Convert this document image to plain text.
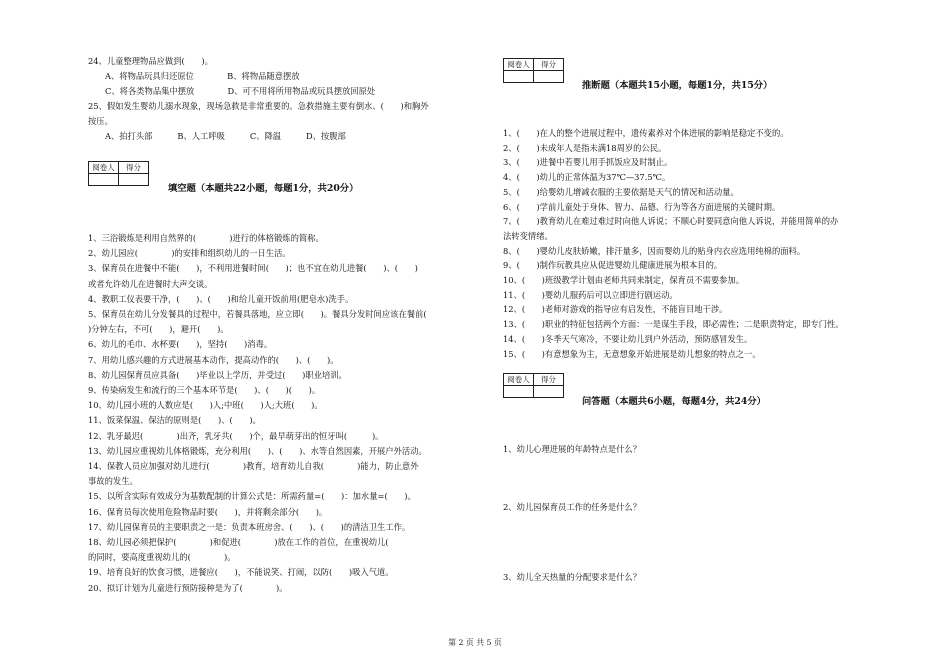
24、儿童整理物品应做到(　　)。
A、将物品玩具归还原位　　　　B、将物品随意摆放
C、将各类物品集中摆放　　　　D、可不用将所用物品或玩具摆放回原处
25、假如发生婴幼儿溺水现象，现场急救是非常重要的。急救措施主要有倒水、(　　)和胸外
按压。
A、拍打头部　　　B、人工呼吸　　　C、降温　　　D、按腹部
阅卷人	得分
填空题（本题共22小题，每题1分，共20分）
1、三浴锻炼是利用自然界的(　　　　)进行的体格锻炼的简称。
2、幼儿园应(　　　　)的安排和组织幼儿的一日生活。
3、保育员在进餐中不能(　　)，不利用进餐时间(　　)；也不宜在幼儿进餐(　　)、(　　)
或者允许幼儿在进餐时大声交谈。
4、教职工仪表要干净，(　　)、(　　)和给儿童开饭前用(肥皂水)洗手。
5、保育员在幼儿分发餐具的过程中，若餐具落地，应立即(　　)。餐具分发时间应该在餐前(　　
)分钟左右，不可(　　)，避开(　　)。
6、幼儿的毛巾、水杯要(　　)，坚持(　　)消毒。
7、用幼儿感兴趣的方式进展基本动作，提高动作的(　　)、(　　)。
8、幼儿园保育员应具备(　　)毕业以上学历，并受过(　　)职业培训。
9、传染病发生和流行的三个基本环节是(　　)、(　　)(　　)。
10、幼儿园小班的人数应是(　　)人;中班(　　)人;大班(　　)。
11、饭菜保温、保洁的原则是(　　)、(　　)。
12、乳牙最迟(　　　　)出齐，乳牙共(　　)个，最早萌芽出的恒牙叫(　　　)。
13、幼儿园应重视幼儿体格锻炼，充分利用(　　)、(　　)、水等自然因素，开展户外活动。
14、保教人员应加强对幼儿进行(　　　　)教育，培育幼儿自我(　　　　)能力，防止意外
事故的发生。
15、以所含实际有效成分为基数配制的计算公式是：所需药量=(　　)：加水量=(　　)。
16、保育员每次使用危险物品时要(　　)，并将剩余部分(　　)。
17、幼儿园保育员的主要职责之一是：负责本班房舍、(　　)、(　　)的清洁卫生工作。
18、幼儿园必须把保护(　　　　)和促进(　　　　)放在工作的首位，在重视幼儿(　　
的同时，要高度重视幼儿的(　　　　)。
19、培育良好的饮食习惯，进餐应(　　)，不能说笑、打闹，以防(　　)吸入气道。
20、拟订计划为儿童进行预防接种是为了(　　　　)。
阅卷人	得分
推断题（本题共15小题，每题1分，共15分）
1、(　　)在人的整个进展过程中，遗传素养对个体进展的影响是稳定不变的。
2、(　　)未成年人是指未满18周岁的公民。
3、(　　)进餐中若婴儿用手抓饭应及时制止。
4、(　　)幼儿的正常体温为37℃—37.5℃。
5、(　　)给婴幼儿增减衣服的主要依据是天气的情况和活动量。
6、(　　)学前儿童处于身体、智力、品德、行为等各方面进展的关键时期。
7、(　　)教育幼儿在难过难过时向他人诉说；不顺心时要同意向他人诉说，并能用简单的办
法转变情绪。
8、(　　)婴幼儿皮肤娇嫩，排汗量多，因而婴幼儿的贴身内衣应选用纯棉的面料。
9、(　　)制作玩教具应从促进婴幼儿健康进展为根本目的。
10、(　　)班级教学计划由老师共同来制定，保育员不需要参加。
11、(　　)婴幼儿服药后可以立即进行剧运动。
12、(　　)老师对游戏的指导应有启发性，不能盲目地干涉。
13、(　　)职业的特征包括两个方面：一是谋生手段，即必需性；二是职责特定，即专门性。
14、(　　)冬季天气寒冷，不要让幼儿到户外活动，预防感冒发生。
15、(　　)有意想象为主，无意想象开始进展是幼儿想象的特点之一。
阅卷人	得分
问答题（本题共6小题，每题4分，共24分）
1、幼儿心理进展的年龄特点是什么？
2、幼儿园保育员工作的任务是什么？
3、幼儿全天热量的分配要求是什么？
第 2 页 共 5 页
